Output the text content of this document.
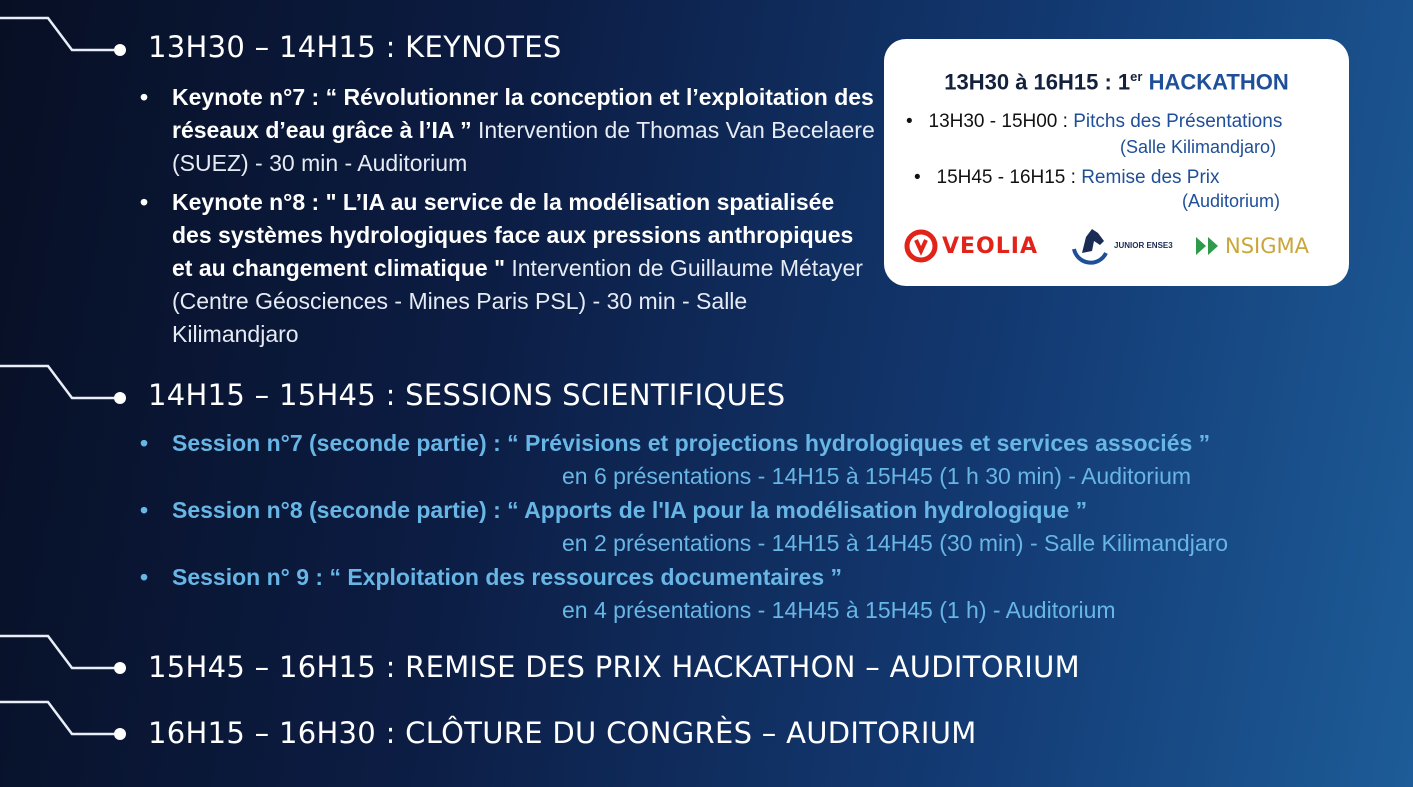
13H30 – 14H15 : KEYNOTES
14H15 – 15H45 : SESSIONS SCIENTIFIQUES
15H45 – 16H15 : REMISE DES PRIX HACKATHON – AUDITORIUM
16H15 – 16H30 : CLÔTURE DU CONGRÈS – AUDITORIUM
• Keynote n°7 : “ Révolutionner la conception et l’exploitation des réseaux d’eau grâce à l’IA ” Intervention de Thomas Van Becelaere (SUEZ) - 30 min - Auditorium
• Keynote n°8 : " L’IA au service de la modélisation spatialisée des systèmes hydrologiques face aux pressions anthropiques et au changement climatique " Intervention de Guillaume Métayer (Centre Géosciences - Mines Paris PSL) - 30 min - Salle Kilimandjaro
• Session n°7 (seconde partie) : “ Prévisions et projections hydrologiques et services associés ”
en 6 présentations - 14H15 à 15H45 (1 h 30 min) - Auditorium
• Session n°8 (seconde partie) : “ Apports de l'IA pour la modélisation hydrologique ”
en 2 présentations - 14H15 à 14H45 (30 min) - Salle Kilimandjaro
• Session n° 9 : “ Exploitation des ressources documentaires ”
en 4 présentations - 14H45 à 15H45 (1 h) - Auditorium
13H30 à 16H15 : 1er HACKATHON
• 13H30 - 15H00 : Pitchs des Présentations
(Salle Kilimandjaro)
• 15H45 - 16H15 : Remise des Prix
(Auditorium)
VEOLIA	JUNIOR ENSE3 NSIGMA
